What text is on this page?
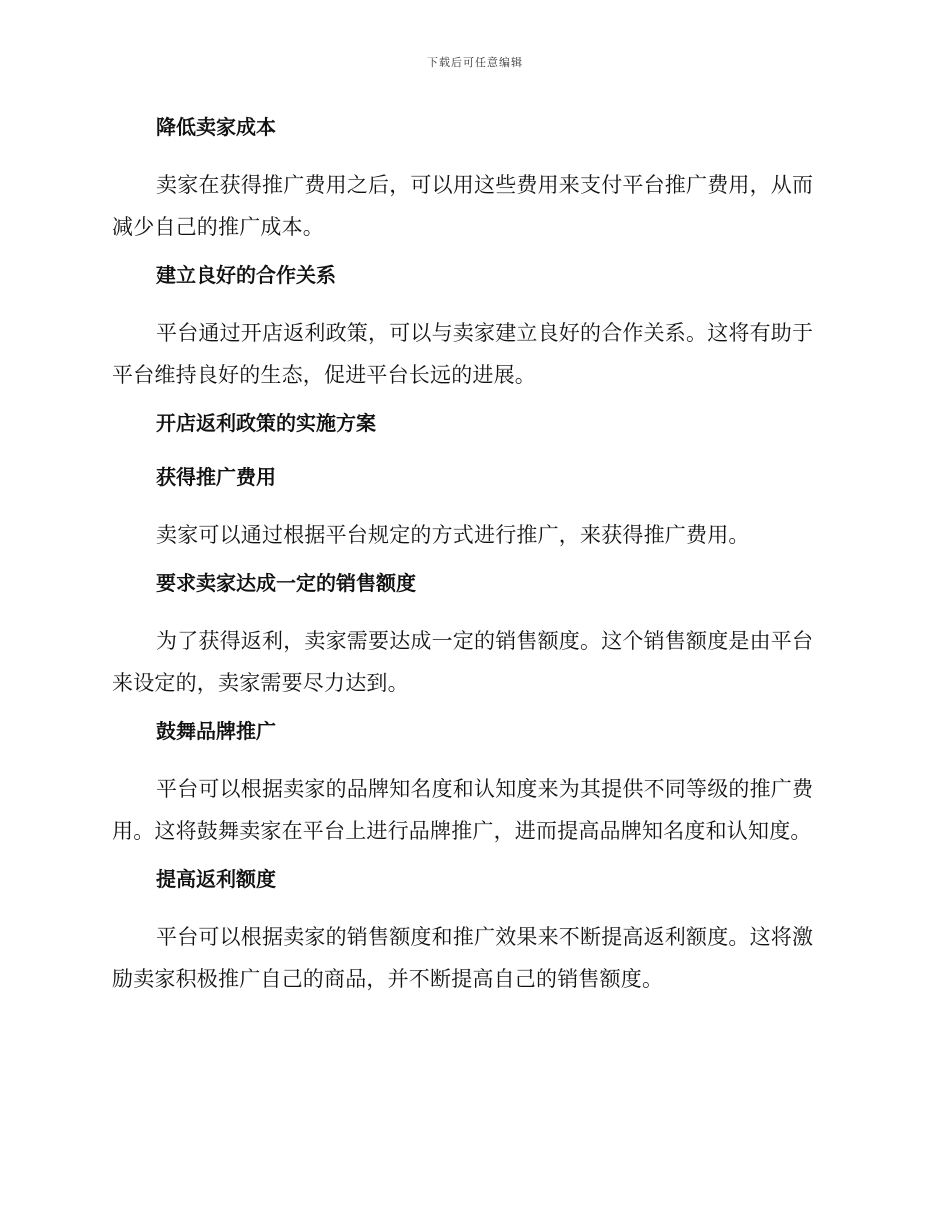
下载后可任意编辑
降低卖家成本

卖家在获得推广费用之后，可以用这些费用来支付平台推广费用，从而减少自己的推广成本。

建立良好的合作关系

平台通过开店返利政策，可以与卖家建立良好的合作关系。这将有助于平台维持良好的生态，促进平台长远的进展。

开店返利政策的实施方案
获得推广费用

卖家可以通过根据平台规定的方式进行推广，来获得推广费用。

要求卖家达成一定的销售额度

为了获得返利，卖家需要达成一定的销售额度。这个销售额度是由平台来设定的，卖家需要尽力达到。

鼓舞品牌推广

平台可以根据卖家的品牌知名度和认知度来为其提供不同等级的推广费用。这将鼓舞卖家在平台上进行品牌推广，进而提高品牌知名度和认知度。

提高返利额度

平台可以根据卖家的销售额度和推广效果来不断提高返利额度。这将激励卖家积极推广自己的商品，并不断提高自己的销售额度。
